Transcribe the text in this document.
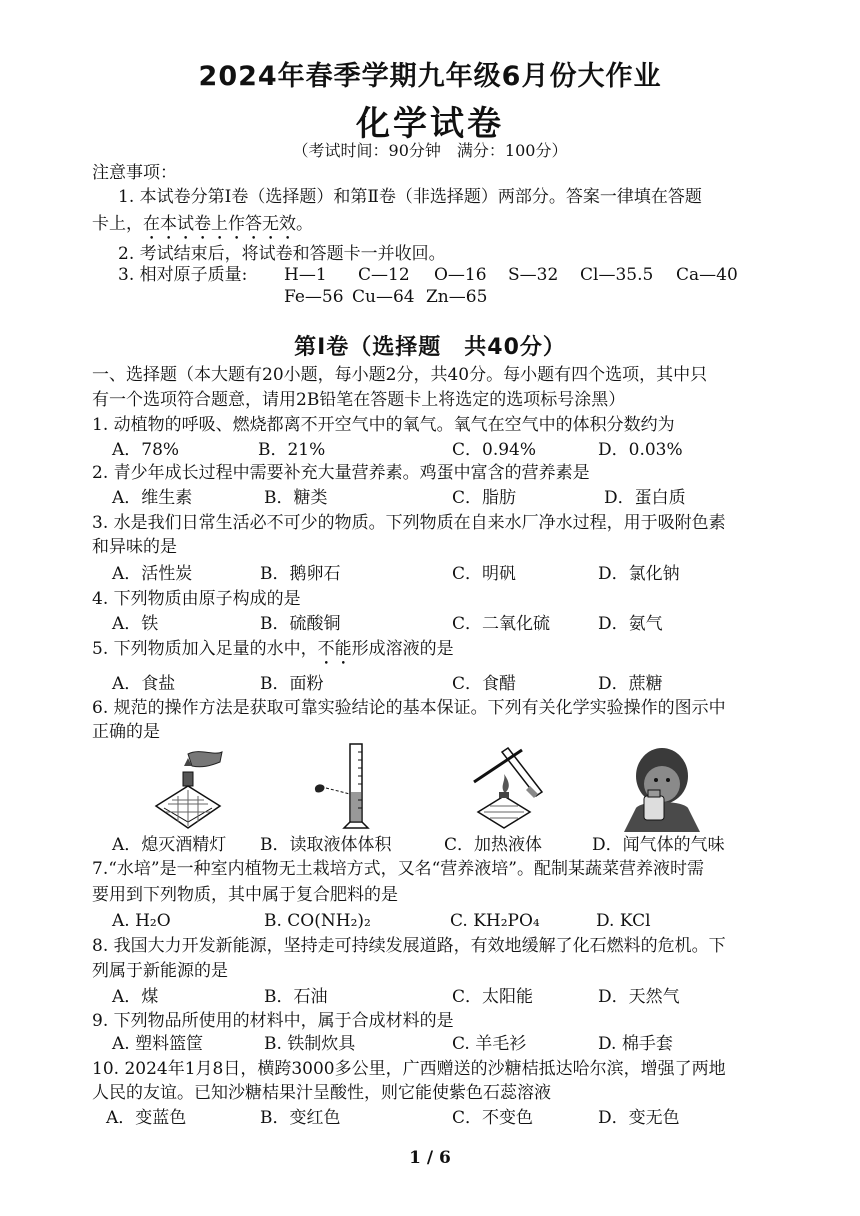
2024年春季学期九年级6月份大作业
化学试卷
（考试时间：90分钟　满分：100分）
注意事项：
1. 本试卷分第Ⅰ卷（选择题）和第Ⅱ卷（非选择题）两部分。答案一律填在答题
卡上，在本试卷上作答无效。
2. 考试结束后，将试卷和答题卡一并收回。
3. 相对原子质量: H—1 C—12 O—16 S—32 Cl—35.5 Ca—40
Fe—56 Cu—64 Zn—65
第Ⅰ卷（选择题　共40分）
一、选择题（本大题有20小题，每小题2分，共40分。每小题有四个选项，其中只
有一个选项符合题意，请用2B铅笔在答题卡上将选定的选项标号涂黑）
1. 动植物的呼吸、燃烧都离不开空气中的氧气。氧气在空气中的体积分数约为
A．78%	B．21%	C．0.94%	D．0.03%
2. 青少年成长过程中需要补充大量营养素。鸡蛋中富含的营养素是
A．维生素	B．糖类	C．脂肪	D．蛋白质
3. 水是我们日常生活必不可少的物质。下列物质在自来水厂净水过程，用于吸附色素
和异味的是
A．活性炭	B．鹅卵石	C．明矾	D．氯化钠
4. 下列物质由原子构成的是
A．铁	B．硫酸铜	C．二氧化硫	D．氨气
5. 下列物质加入足量的水中，不能形成溶液的是
A．食盐	B．面粉	C．食醋	D．蔗糖
6. 规范的操作方法是获取可靠实验结论的基本保证。下列有关化学实验操作的图示中
正确的是
A．熄灭酒精灯 B．读取液体体积	C．加热液体	D．闻气体的气味
7.“水培”是一种室内植物无土栽培方式，又名“营养液培”。配制某蔬菜营养液时需
要用到下列物质，其中属于复合肥料的是
A. H₂O	B. CO(NH₂)₂	C. KH₂PO₄	D. KCl
8. 我国大力开发新能源，坚持走可持续发展道路，有效地缓解了化石燃料的危机。下
列属于新能源的是
A．煤	B．石油	C．太阳能	D．天然气
9. 下列物品所使用的材料中，属于合成材料的是
A. 塑料篮筐	B. 铁制炊具	C. 羊毛衫	D. 棉手套
10. 2024年1月8日，横跨3000多公里，广西赠送的沙糖桔抵达哈尔滨，增强了两地
人民的友谊。已知沙糖桔果汁呈酸性，则它能使紫色石蕊溶液
A．变蓝色	B．变红色	C．不变色	D．变无色
1 / 6
